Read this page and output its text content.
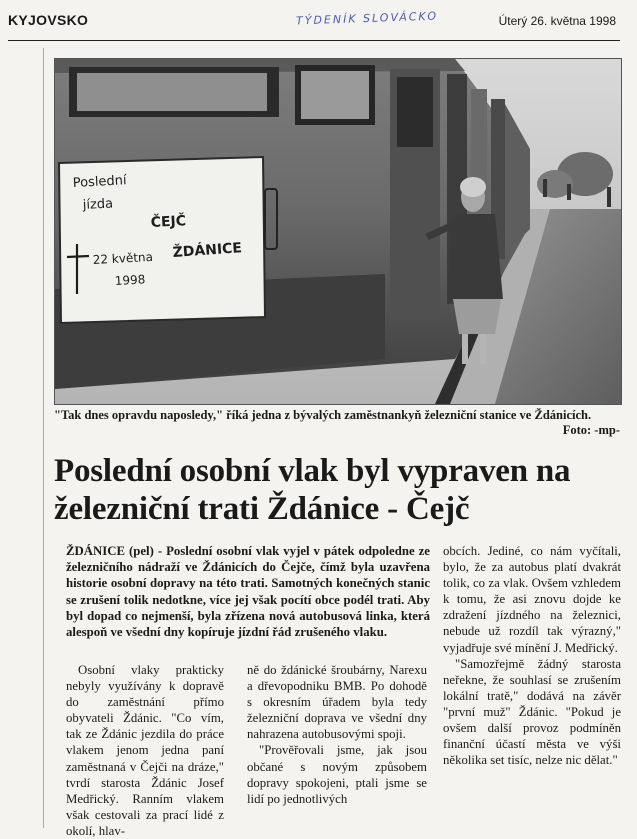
KYJOVSKO	TÝDENÍK SLOVÁCKO	Úterý 26. května 1998
Poslední
jízda
ČEJČ
22 května
1998
ŽDÁNICE
"Tak dnes opravdu naposledy," říká jedna z bývalých zaměstnankyň železniční stanice ve Ždánicích.
Foto: -mp-
Poslední osobní vlak byl vypraven na železniční trati Ždánice - Čejč
ŽDÁNICE (pel) - Poslední osobní vlak vyjel v pátek odpoledne ze železničního nádraží ve Ždánicích do Čejče, čímž byla uzavřena historie osobní dopravy na této trati. Samotných konečných stanic se zrušení tolik nedotkne, více jej však pocítí obce podél trati. Aby byl dopad co nejmenší, byla zřízena nová autobusová linka, která alespoň ve všední dny kopíruje jízdní řád zrušeného vlaku.

Osobní vlaky prakticky nebyly využívány k dopravě do zaměstnání přímo obyvateli Ždánic. "Co vím, tak ze Ždánic jezdila do práce vlakem jenom jedna paní zaměstnaná v Čejči na dráze," tvrdí starosta Ždánic Josef Medřický. Ranním vlakem však cestovali za prací lidé z okolí, hlav-

ně do ždánické šroubárny, Narexu a dřevopodniku BMB. Po dohodě s okresním úřadem byla tedy železniční doprava ve všední dny nahrazena autobusovými spoji.

"Prověřovali jsme, jak jsou občané s novým způsobem dopravy spokojeni, ptali jsme se lidí po jednotlivých

obcích. Jediné, co nám vyčítali, bylo, že za autobus platí dvakrát tolik, co za vlak. Ovšem vzhledem k tomu, že asi znovu dojde ke zdražení jízdného na železnici, nebude už rozdíl tak výrazný," vyjadřuje své mínění J. Medřický.

"Samozřejmě žádný starosta neřekne, že souhlasí se zrušením lokální tratě," dodává na závěr "první muž" Ždánic. "Pokud je ovšem další provoz podmíněn finanční účastí města ve výši několika set tisíc, nelze nic dělat."
